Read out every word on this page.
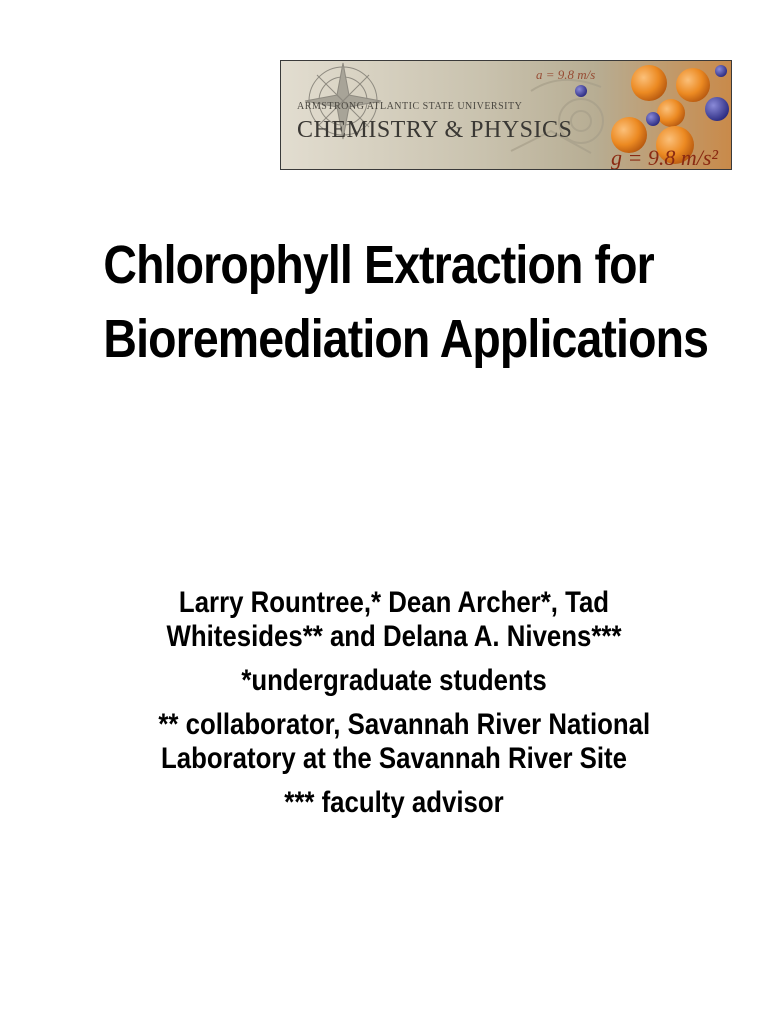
ARMSTRONG ATLANTIC STATE UNIVERSITY
CHEMISTRY & PHYSICS
a = 9.8 m/s
g = 9.8 m/s²
Chlorophyll Extraction for
Bioremediation Applications
Larry Rountree,* Dean Archer*, Tad
Whitesides** and Delana A. Nivens***
*undergraduate students
** collaborator, Savannah River National
Laboratory at the Savannah River Site
*** faculty advisor
